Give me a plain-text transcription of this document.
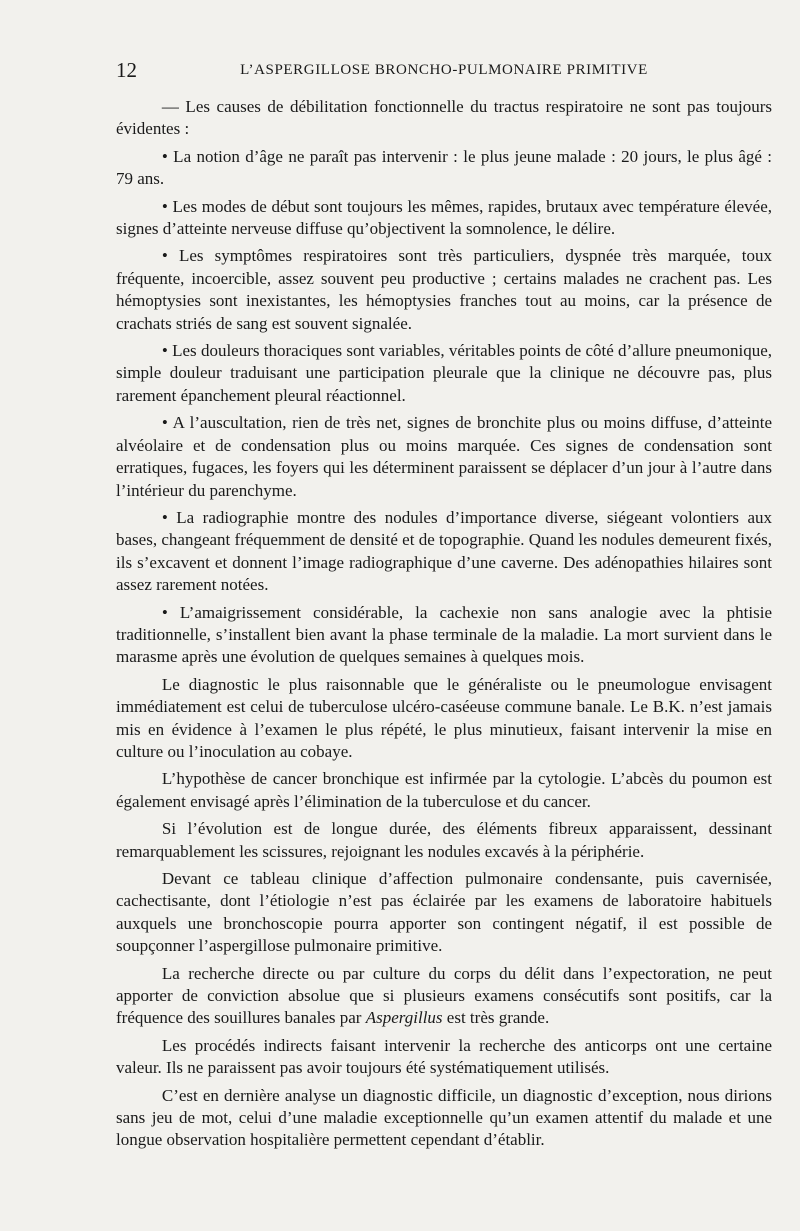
12	L’ASPERGILLOSE BRONCHO-PULMONAIRE PRIMITIVE

— Les causes de débilitation fonctionnelle du tractus respiratoire ne sont pas toujours évidentes :

• La notion d’âge ne paraît pas intervenir : le plus jeune malade : 20 jours, le plus âgé : 79 ans.

• Les modes de début sont toujours les mêmes, rapides, brutaux avec température élevée, signes d’atteinte nerveuse diffuse qu’objectivent la somnolence, le délire.

• Les symptômes respiratoires sont très particuliers, dyspnée très marquée, toux fréquente, incoercible, assez souvent peu productive ; certains malades ne crachent pas. Les hémoptysies sont inexistantes, les hémoptysies franches tout au moins, car la présence de crachats striés de sang est souvent signalée.

• Les douleurs thoraciques sont variables, véritables points de côté d’allure pneumonique, simple douleur traduisant une participation pleurale que la clinique ne découvre pas, plus rarement épanchement pleural réactionnel.

• A l’auscultation, rien de très net, signes de bronchite plus ou moins diffuse, d’atteinte alvéolaire et de condensation plus ou moins marquée. Ces signes de condensation sont erratiques, fugaces, les foyers qui les déterminent paraissent se déplacer d’un jour à l’autre dans l’intérieur du parenchyme.

• La radiographie montre des nodules d’importance diverse, siégeant volontiers aux bases, changeant fréquemment de densité et de topographie. Quand les nodules demeurent fixés, ils s’excavent et donnent l’image radiographique d’une caverne. Des adénopathies hilaires sont assez rarement notées.

• L’amaigrissement considérable, la cachexie non sans analogie avec la phtisie traditionnelle, s’installent bien avant la phase terminale de la maladie. La mort survient dans le marasme après une évolution de quelques semaines à quelques mois.

Le diagnostic le plus raisonnable que le généraliste ou le pneumologue envisagent immédiatement est celui de tuberculose ulcéro-caséeuse commune banale. Le B.K. n’est jamais mis en évidence à l’examen le plus répété, le plus minutieux, faisant intervenir la mise en culture ou l’inoculation au cobaye.

L’hypothèse de cancer bronchique est infirmée par la cytologie. L’abcès du poumon est également envisagé après l’élimination de la tuberculose et du cancer.

Si l’évolution est de longue durée, des éléments fibreux apparaissent, dessinant remarquablement les scissures, rejoignant les nodules excavés à la périphérie.

Devant ce tableau clinique d’affection pulmonaire condensante, puis cavernisée, cachectisante, dont l’étiologie n’est pas éclairée par les examens de laboratoire habituels auxquels une bronchoscopie pourra apporter son contingent négatif, il est possible de soupçonner l’aspergillose pulmonaire primitive.

La recherche directe ou par culture du corps du délit dans l’expectoration, ne peut apporter de conviction absolue que si plusieurs examens consécutifs sont positifs, car la fréquence des souillures banales par Aspergillus est très grande.

Les procédés indirects faisant intervenir la recherche des anticorps ont une certaine valeur. Ils ne paraissent pas avoir toujours été systématiquement utilisés.

C’est en dernière analyse un diagnostic difficile, un diagnostic d’exception, nous dirions sans jeu de mot, celui d’une maladie exceptionnelle qu’un examen attentif du malade et une longue observation hospitalière permettent cependant d’établir.
